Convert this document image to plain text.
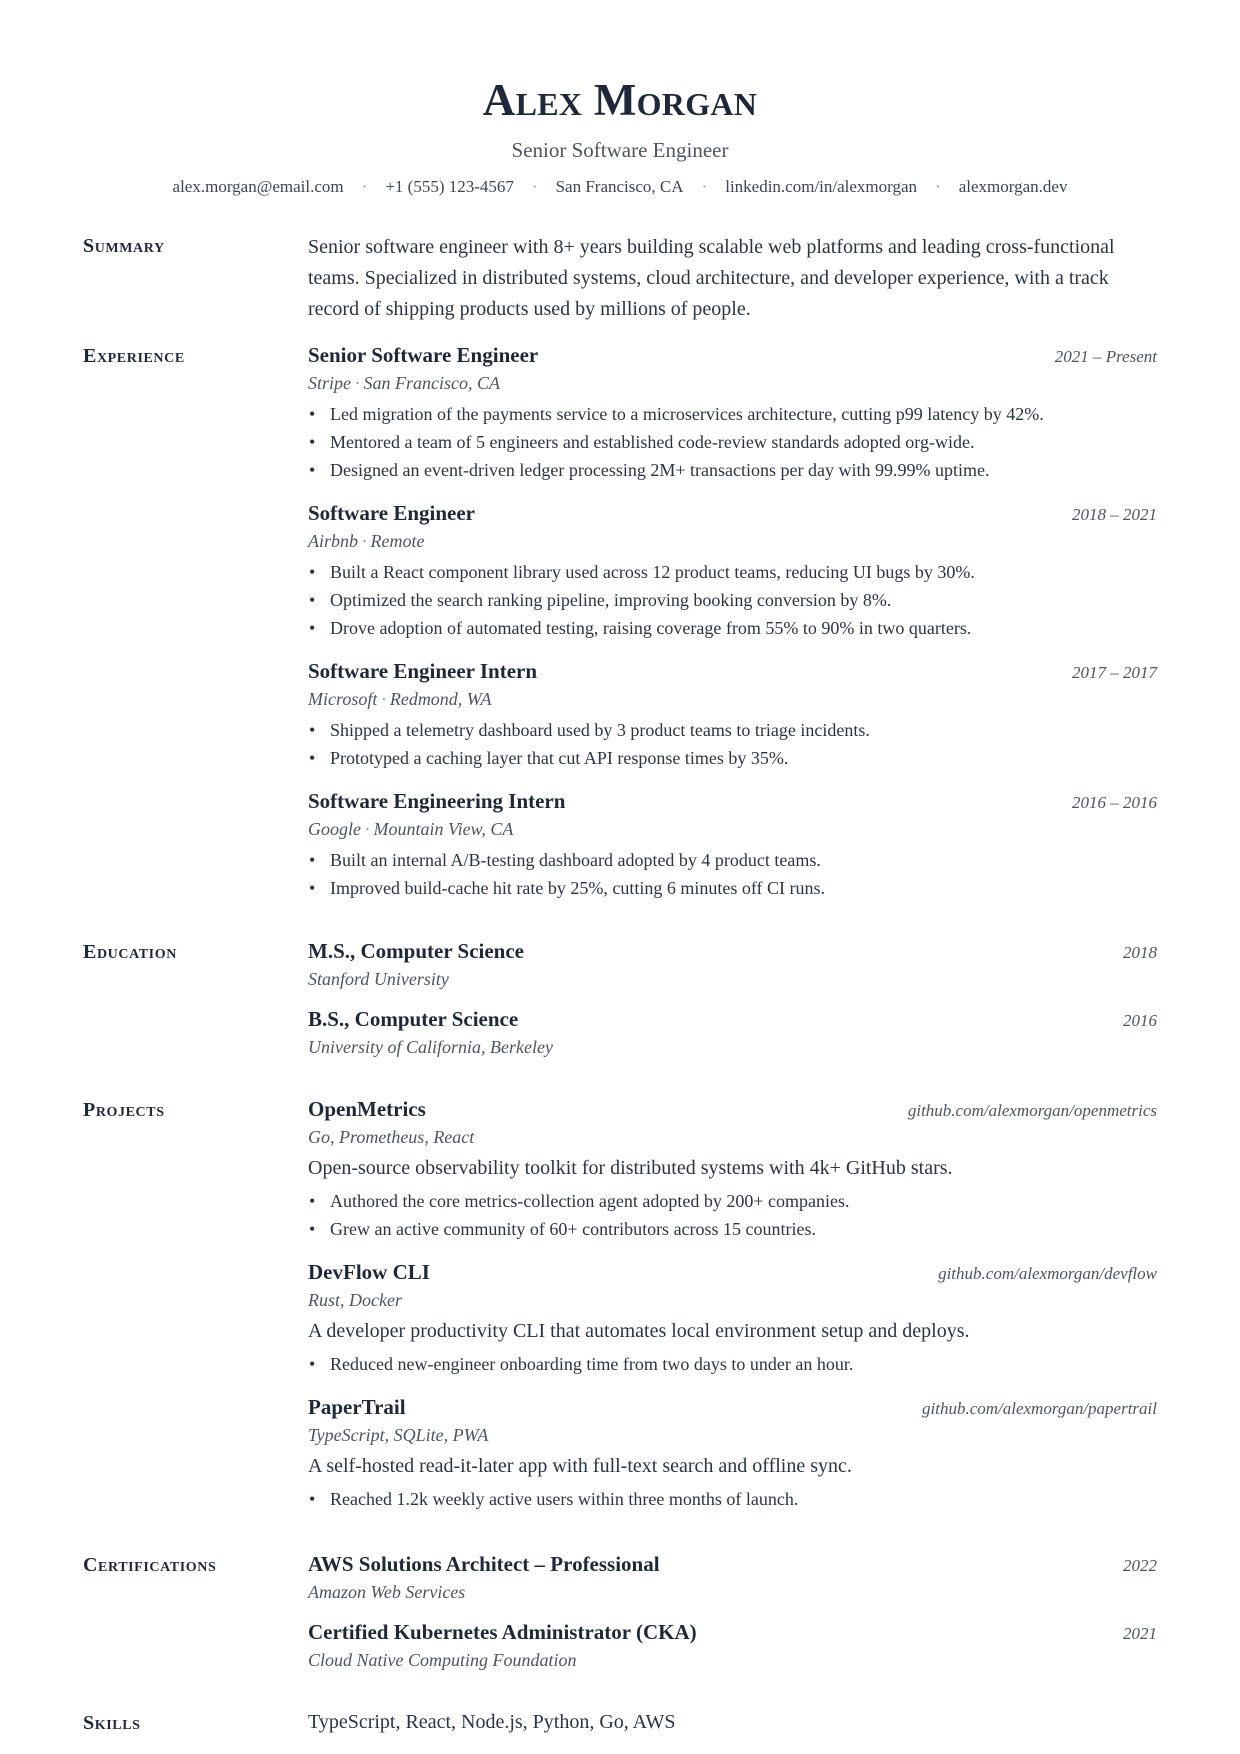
Alex Morgan
Senior Software Engineer
alex.morgan@email.com · +1 (555) 123-4567 · San Francisco, CA · linkedin.com/in/alexmorgan · alexmorgan.dev
Summary	Senior software engineer with 8+ years building scalable web platforms and leading cross-functional teams. Specialized in distributed systems, cloud architecture, and developer experience, with a track record of shipping products used by millions of people.
Experience	Senior Software Engineer	2021 – Present
Stripe · San Francisco, CA
• Led migration of the payments service to a microservices architecture, cutting p99 latency by 42%.
• Mentored a team of 5 engineers and established code-review standards adopted org-wide.
• Designed an event-driven ledger processing 2M+ transactions per day with 99.99% uptime.
Software Engineer	2018 – 2021
Airbnb · Remote
• Built a React component library used across 12 product teams, reducing UI bugs by 30%.
• Optimized the search ranking pipeline, improving booking conversion by 8%.
• Drove adoption of automated testing, raising coverage from 55% to 90% in two quarters.
Software Engineer Intern	2017 – 2017
Microsoft · Redmond, WA
• Shipped a telemetry dashboard used by 3 product teams to triage incidents.
• Prototyped a caching layer that cut API response times by 35%.
Software Engineering Intern	2016 – 2016
Google · Mountain View, CA
• Built an internal A/B-testing dashboard adopted by 4 product teams.
• Improved build-cache hit rate by 25%, cutting 6 minutes off CI runs.
Education	M.S., Computer Science	2018
Stanford University
B.S., Computer Science	2016
University of California, Berkeley
Projects	OpenMetrics	github.com/alexmorgan/openmetrics
Go, Prometheus, React
Open-source observability toolkit for distributed systems with 4k+ GitHub stars.
• Authored the core metrics-collection agent adopted by 200+ companies.
• Grew an active community of 60+ contributors across 15 countries.
DevFlow CLI	github.com/alexmorgan/devflow
Rust, Docker
A developer productivity CLI that automates local environment setup and deploys.
• Reduced new-engineer onboarding time from two days to under an hour.
PaperTrail	github.com/alexmorgan/papertrail
TypeScript, SQLite, PWA
A self-hosted read-it-later app with full-text search and offline sync.
• Reached 1.2k weekly active users within three months of launch.
Certifications	AWS Solutions Architect – Professional	2022
Amazon Web Services
Certified Kubernetes Administrator (CKA)	2021
Cloud Native Computing Foundation
Skills	TypeScript, React, Node.js, Python, Go, AWS
